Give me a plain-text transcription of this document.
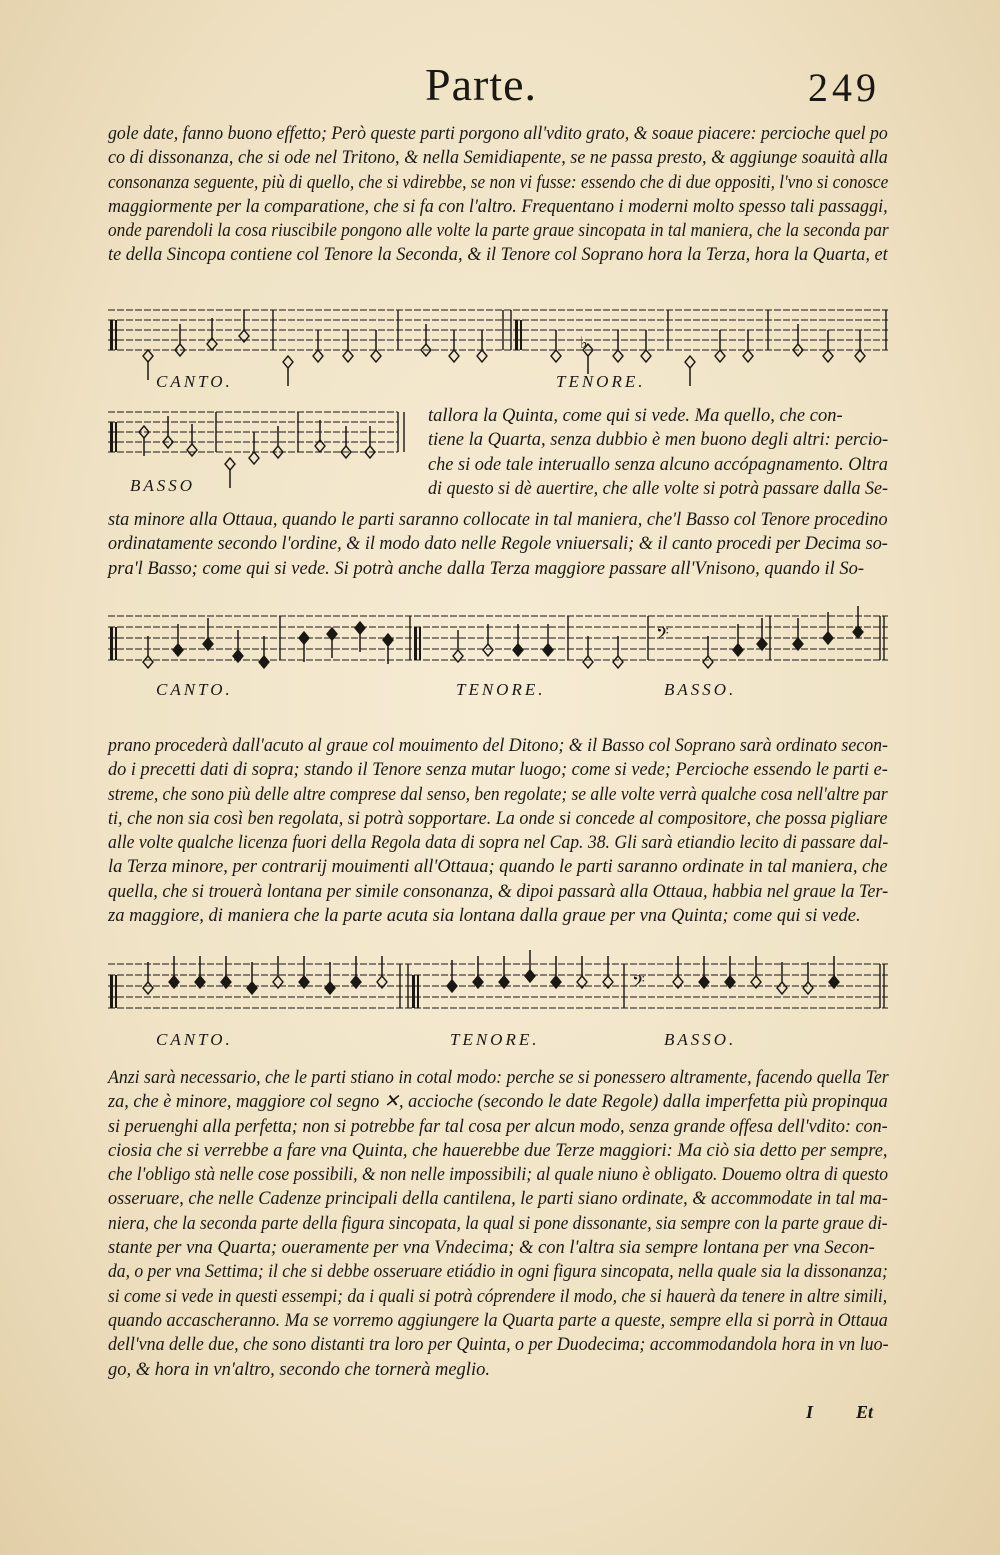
Parte.	249
gole date, fanno buono effetto; Però queste parti porgono all'vdito grato, & soaue piacere: percioche quel po
co di dissonanza, che si ode nel Tritono, & nella Semidiapente, se ne passa presto, & aggiunge soauità alla
consonanza seguente, più di quello, che si vdirebbe, se non vi fusse: essendo che di due oppositi, l'vno si conosce
maggiormente per la comparatione, che si fa con l'altro. Frequentano i moderni molto spesso tali passaggi,
onde parendoli la cosa riuscibile pongono alle volte la parte graue sincopata in tal maniera, che la seconda par
te della Sincopa contiene col Tenore la Seconda, & il Tenore col Soprano hora la Terza, hora la Quarta, et
♭
CANTO.	TENORE.
BASSO
tallora la Quinta, come qui si vede. Ma quello, che con-
tiene la Quarta, senza dubbio è men buono degli altri: percio-
che si ode tale interuallo senza alcuno accópagnamento. Oltra
di questo si dè auertire, che alle volte si potrà passare dalla Se-
sta minore alla Ottaua, quando le parti saranno collocate in tal maniera, che'l Basso col Tenore procedino
ordinatamente secondo l'ordine, & il modo dato nelle Regole vniuersali; & il canto procedi per Decima so-
pra'l Basso; come qui si vede. Si potrà anche dalla Terza maggiore passare all'Vnisono, quando il So-
𝄢
CANTO.	TENORE.	BASSO.
prano procederà dall'acuto al graue col mouimento del Ditono; & il Basso col Soprano sarà ordinato secon-
do i precetti dati di sopra; stando il Tenore senza mutar luogo; come si vede; Percioche essendo le parti e-
streme, che sono più delle altre comprese dal senso, ben regolate; se alle volte verrà qualche cosa nell'altre par
ti, che non sia così ben regolata, si potrà sopportare. La onde si concede al compositore, che possa pigliare
alle volte qualche licenza fuori della Regola data di sopra nel Cap. 38. Gli sarà etiandio lecito di passare dal-
la Terza minore, per contrarij mouimenti all'Ottaua; quando le parti saranno ordinate in tal maniera, che
quella, che si trouerà lontana per simile consonanza, & dipoi passarà alla Ottaua, habbia nel graue la Ter-
za maggiore, di maniera che la parte acuta sia lontana dalla graue per vna Quinta; come qui si vede.
𝄢
CANTO.	TENORE.	BASSO.
Anzi sarà necessario, che le parti stiano in cotal modo: perche se si ponessero altramente, facendo quella Ter
za, che è minore, maggiore col segno ✕, accioche (secondo le date Regole) dalla imperfetta più propinqua
si peruenghi alla perfetta; non si potrebbe far tal cosa per alcun modo, senza grande offesa dell'vdito: con-
ciosia che si verrebbe a fare vna Quinta, che hauerebbe due Terze maggiori: Ma ciò sia detto per sempre,
che l'obligo stà nelle cose possibili, & non nelle impossibili; al quale niuno è obligato. Douemo oltra di questo
osseruare, che nelle Cadenze principali della cantilena, le parti siano ordinate, & accommodate in tal ma-
niera, che la seconda parte della figura sincopata, la qual si pone dissonante, sia sempre con la parte graue di-
stante per vna Quarta; oueramente per vna Vndecima; & con l'altra sia sempre lontana per vna Secon-
da, o per vna Settima; il che si debbe osseruare etiádio in ogni figura sincopata, nella quale sia la dissonanza;
si come si vede in questi essempi; da i quali si potrà cóprendere il modo, che si hauerà da tenere in altre simili,
quando accascheranno. Ma se vorremo aggiungere la Quarta parte a queste, sempre ella si porrà in Ottaua
dell'vna delle due, che sono distanti tra loro per Quinta, o per Duodecima; accommodandola hora in vn luo-
go, & hora in vn'altro, secondo che tornerà meglio.
I Et
